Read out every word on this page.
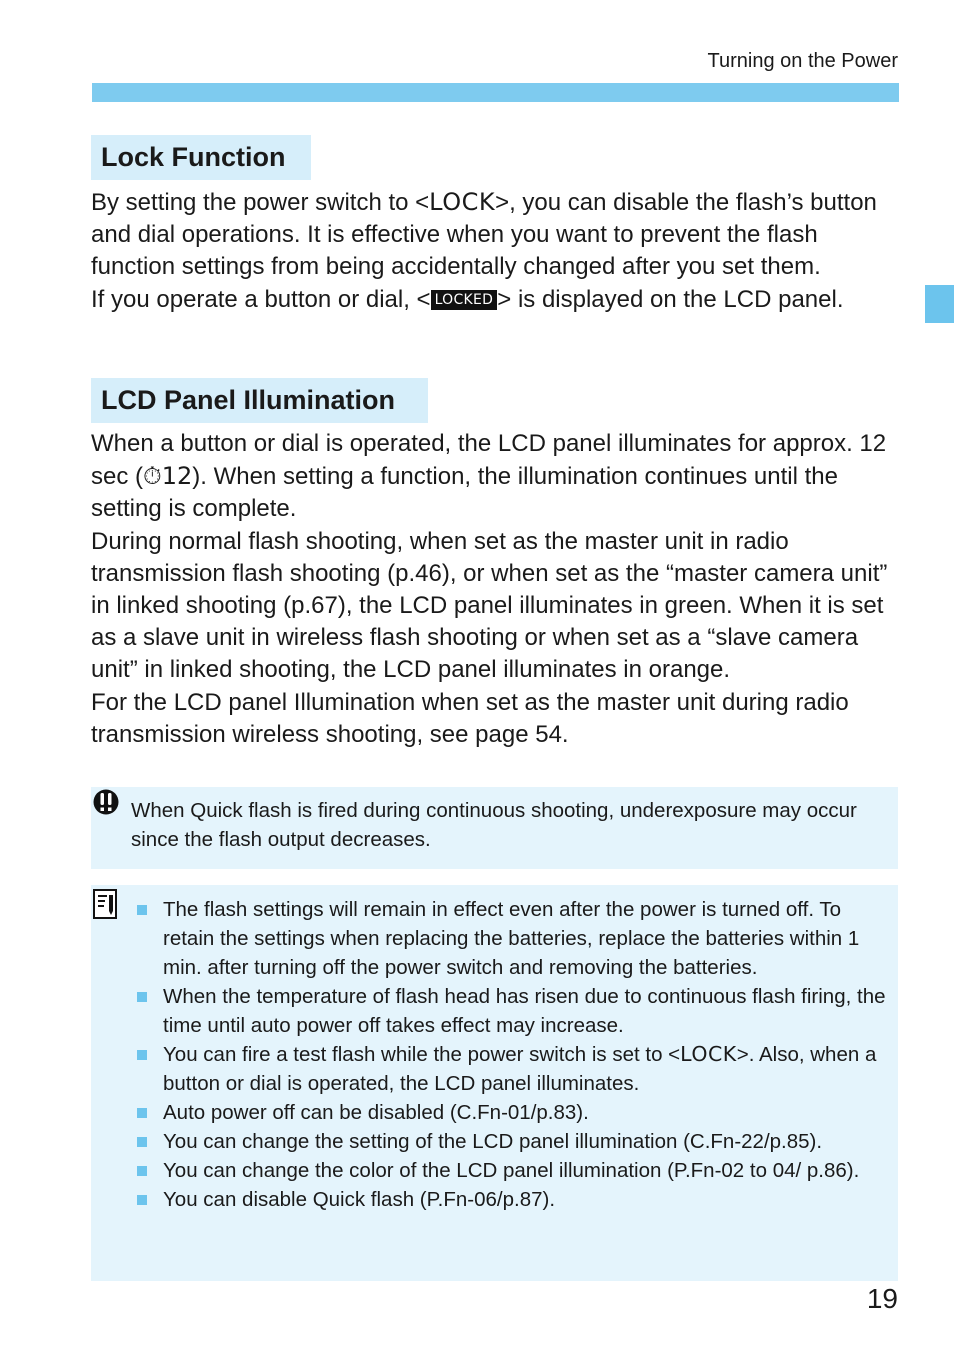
Turning on the Power
Lock Function

By setting the power switch to <LOCK>, you can disable the flash’s button and dial operations. It is effective when you want to prevent the flash function settings from being accidentally changed after you set them.

If you operate a button or dial, < LOCKED > is displayed on the LCD panel.

LCD Panel Illumination

When a button or dial is operated, the LCD panel illuminates for approx. 12 sec (⏱12). When setting a function, the illumination continues until the setting is complete.

During normal flash shooting, when set as the master unit in radio transmission flash shooting (p.46), or when set as the “master camera unit” in linked shooting (p.67), the LCD panel illuminates in green. When it is set as a slave unit in wireless flash shooting or when set as a “slave camera unit” in linked shooting, the LCD panel illuminates in orange.

For the LCD panel Illumination when set as the master unit during radio transmission wireless shooting, see page 54.

When Quick flash is fired during continuous shooting, underexposure may occur since the flash output decreases.
The flash settings will remain in effect even after the power is turned off. To retain the settings when replacing the batteries, replace the batteries within 1 min. after turning off the power switch and removing the batteries.
When the temperature of flash head has risen due to continuous flash firing, the time until auto power off takes effect may increase.
You can fire a test flash while the power switch is set to <LOCK>. Also, when a button or dial is operated, the LCD panel illuminates.
Auto power off can be disabled (C.Fn-01/p.83).
You can change the setting of the LCD panel illumination (C.Fn-22/p.85).
You can change the color of the LCD panel illumination (P.Fn-02 to 04/ p.86).
You can disable Quick flash (P.Fn-06/p.87).
19
